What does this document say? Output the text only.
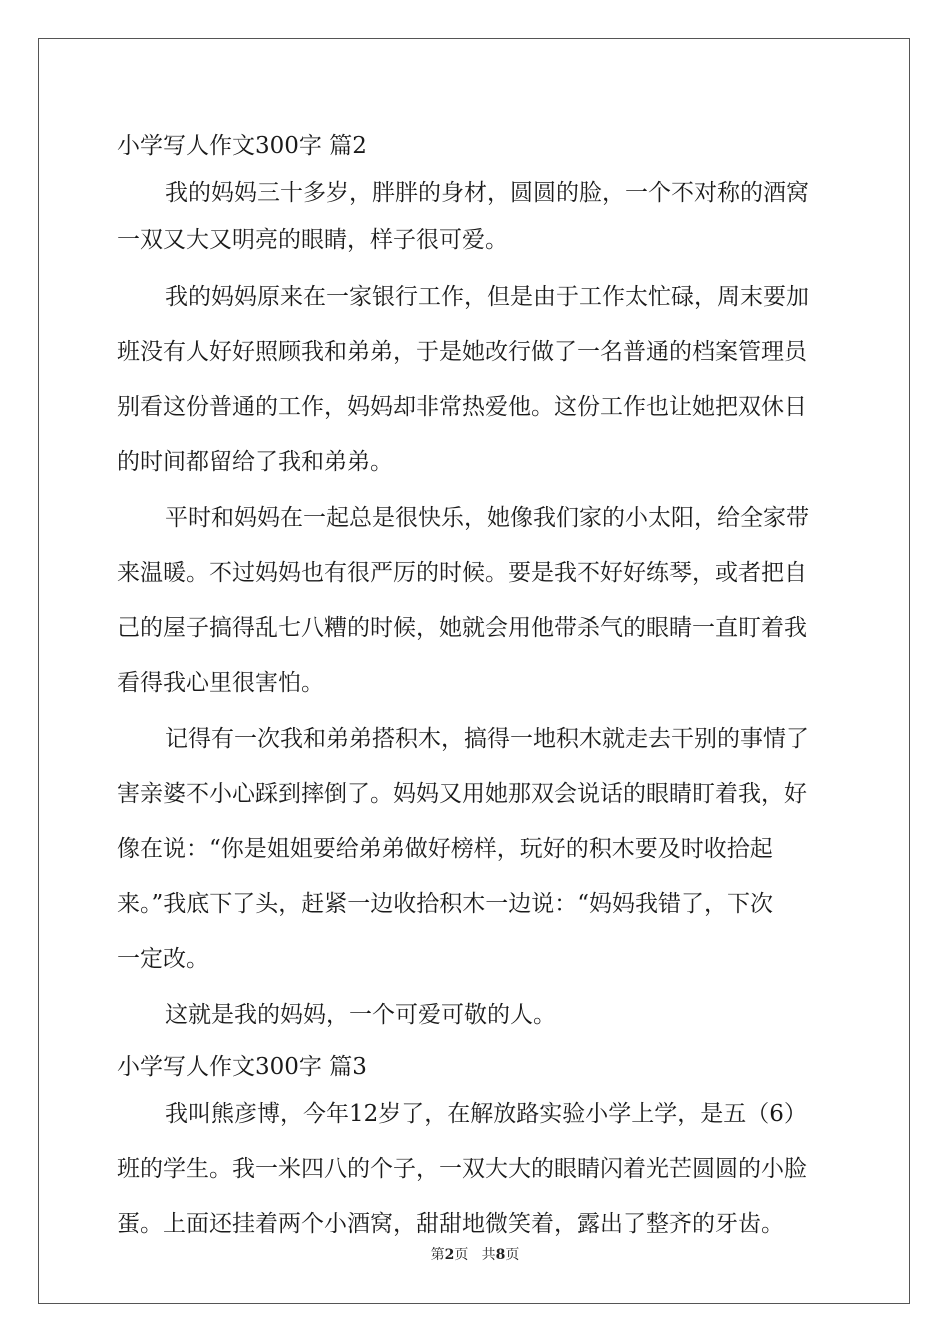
小学写人作文300字 篇2
我的妈妈三十多岁，胖胖的身材，圆圆的脸，一个不对称的酒窝
一双又大又明亮的眼睛，样子很可爱。
我的妈妈原来在一家银行工作，但是由于工作太忙碌，周末要加
班没有人好好照顾我和弟弟，于是她改行做了一名普通的档案管理员
别看这份普通的工作，妈妈却非常热爱他。这份工作也让她把双休日
的时间都留给了我和弟弟。
平时和妈妈在一起总是很快乐，她像我们家的小太阳，给全家带
来温暖。不过妈妈也有很严厉的时候。要是我不好好练琴，或者把自
己的屋子搞得乱七八糟的时候，她就会用他带杀气的眼睛一直盯着我
看得我心里很害怕。
记得有一次我和弟弟搭积木，搞得一地积木就走去干别的事情了
害亲婆不小心踩到摔倒了。妈妈又用她那双会说话的眼睛盯着我，好
像在说：“你是姐姐要给弟弟做好榜样，玩好的积木要及时收拾起
来。”我底下了头，赶紧一边收拾积木一边说：“妈妈我错了，下次
一定改。
这就是我的妈妈，一个可爱可敬的人。
小学写人作文300字 篇3
我叫熊彦博，今年12岁了，在解放路实验小学上学，是五（6）
班的学生。我一米四八的个子，一双大大的眼睛闪着光芒圆圆的小脸
蛋。上面还挂着两个小酒窝，甜甜地微笑着，露出了整齐的牙齿。
第2页 共8页
